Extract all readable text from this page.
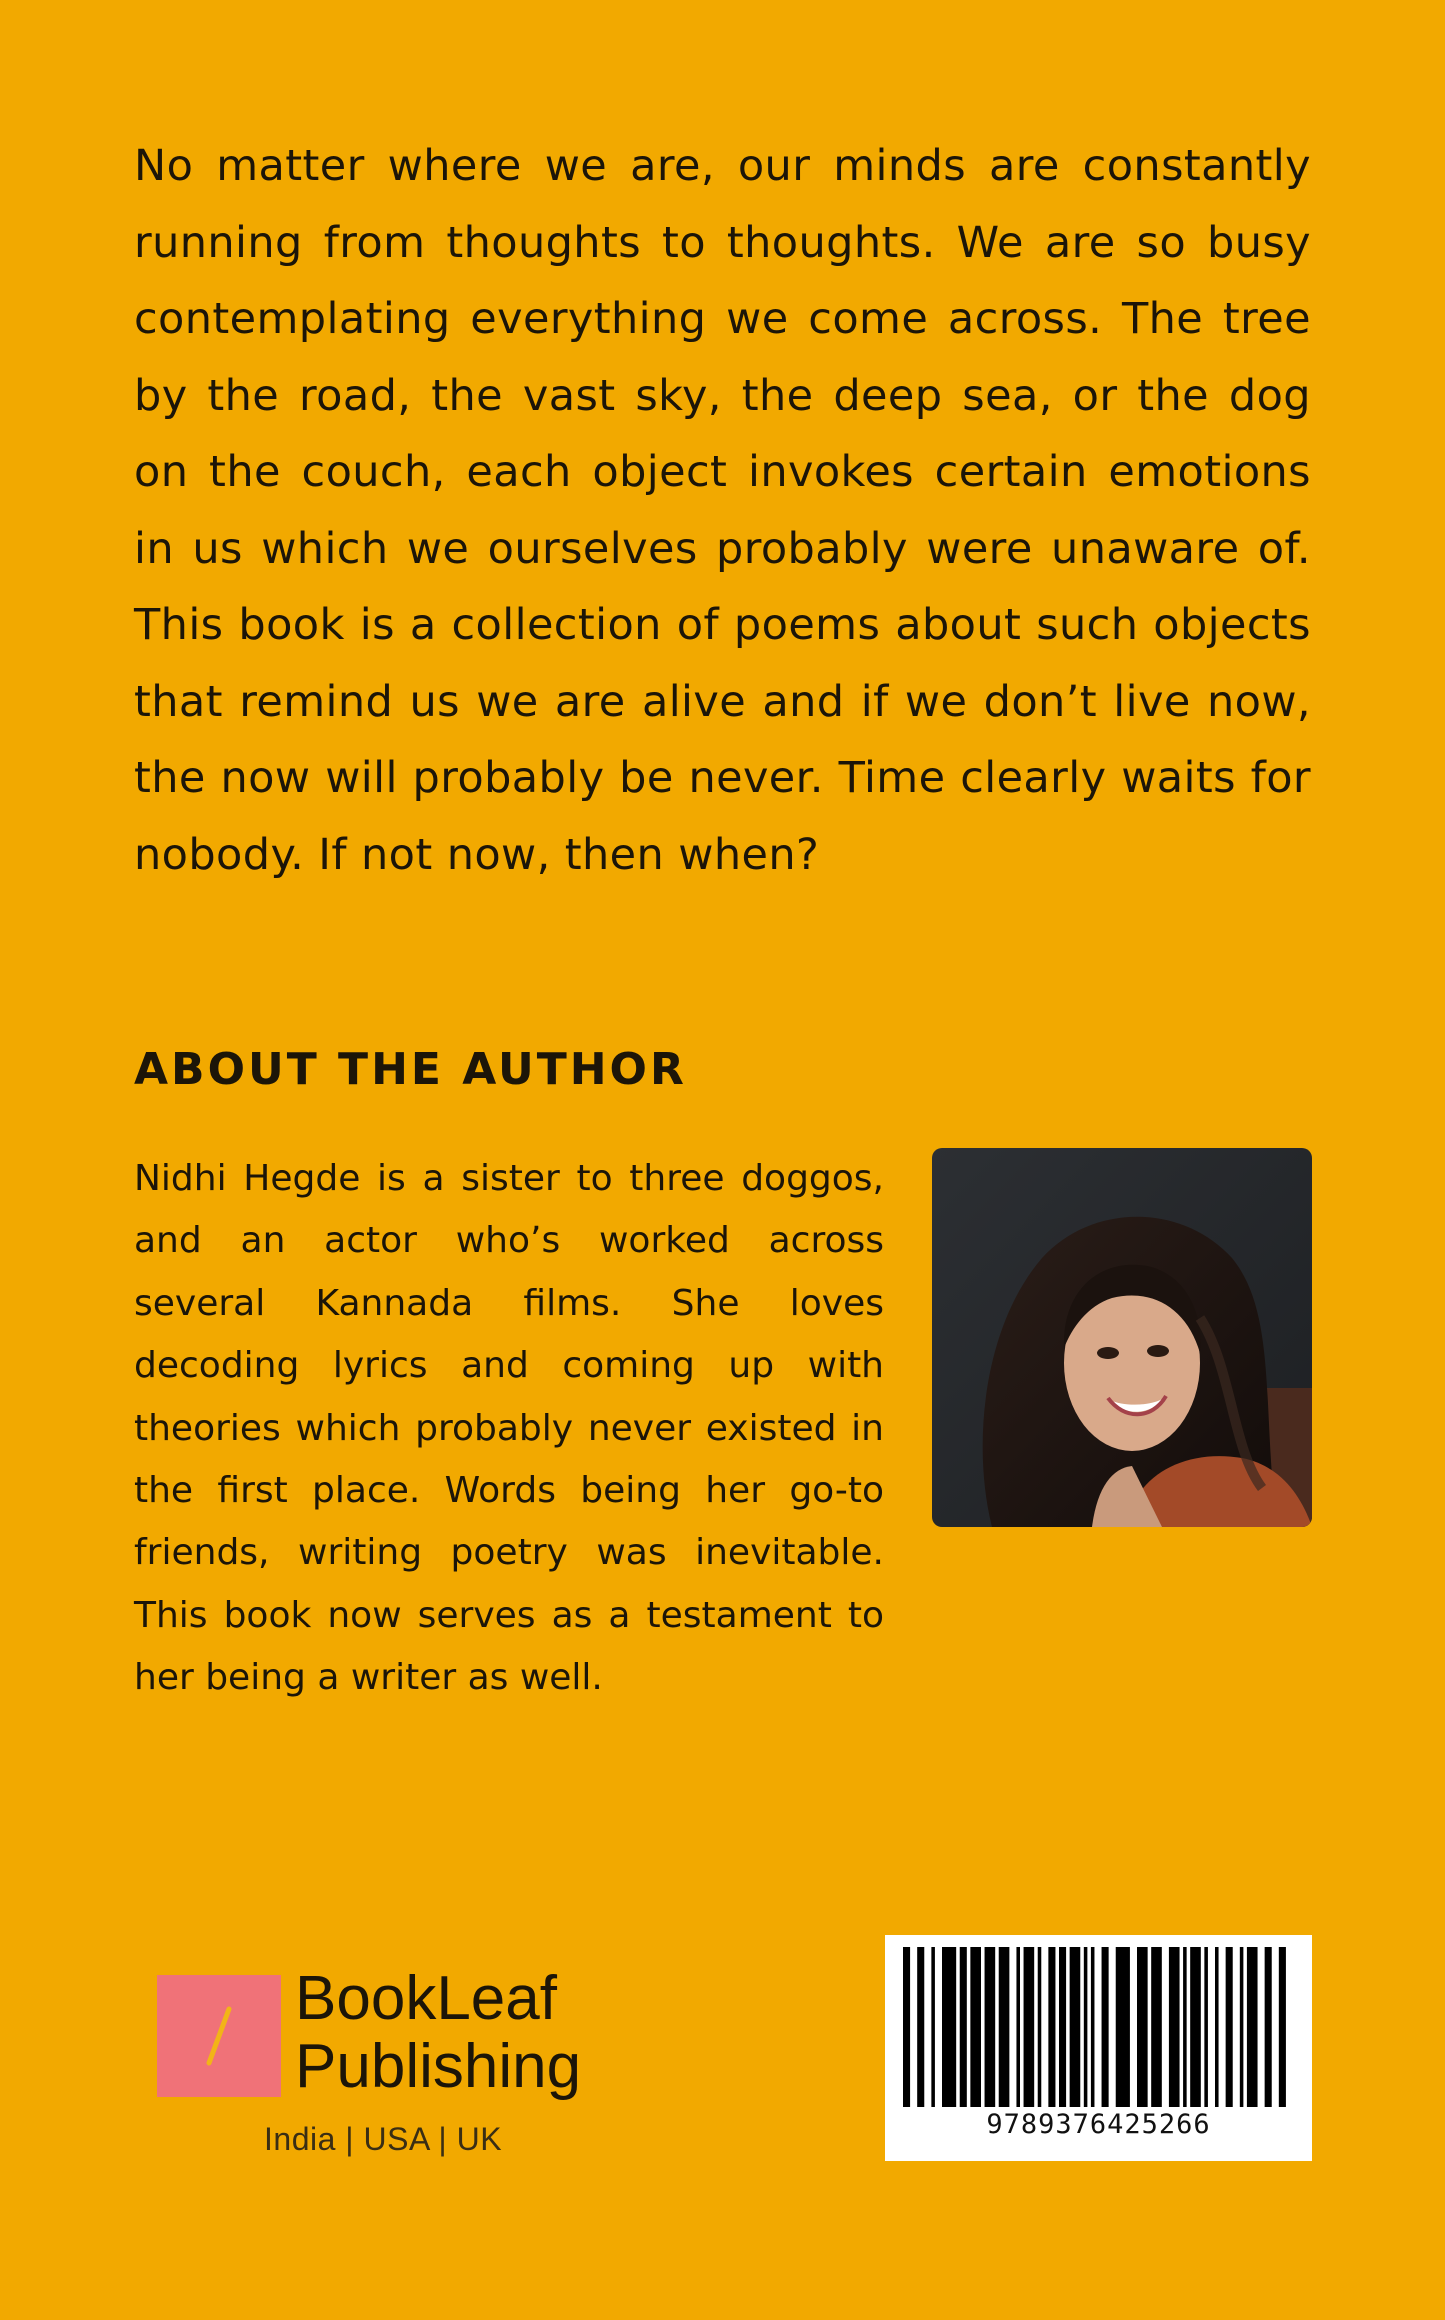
No matter where we are, our minds are constantly running from thoughts to thoughts. We are so busy contemplating everything we come across. The tree by the road, the vast sky, the deep sea, or the dog on the couch, each object invokes certain emotions in us which we ourselves probably were unaware of. This book is a collection of poems about such objects that remind us we are alive and if we don’t live now, the now will probably be never. Time clearly waits for nobody. If not now, then when?

ABOUT THE AUTHOR

Nidhi Hegde is a sister to three doggos, and an actor who’s worked across several Kannada films. She loves decoding lyrics and coming up with theories which probably never existed in the first place. Words being her go-to friends, writing poetry was inevitable. This book now serves as a testament to her being a writer as well.

BookLeaf
Publishing
India | USA | UK	9789376425266
